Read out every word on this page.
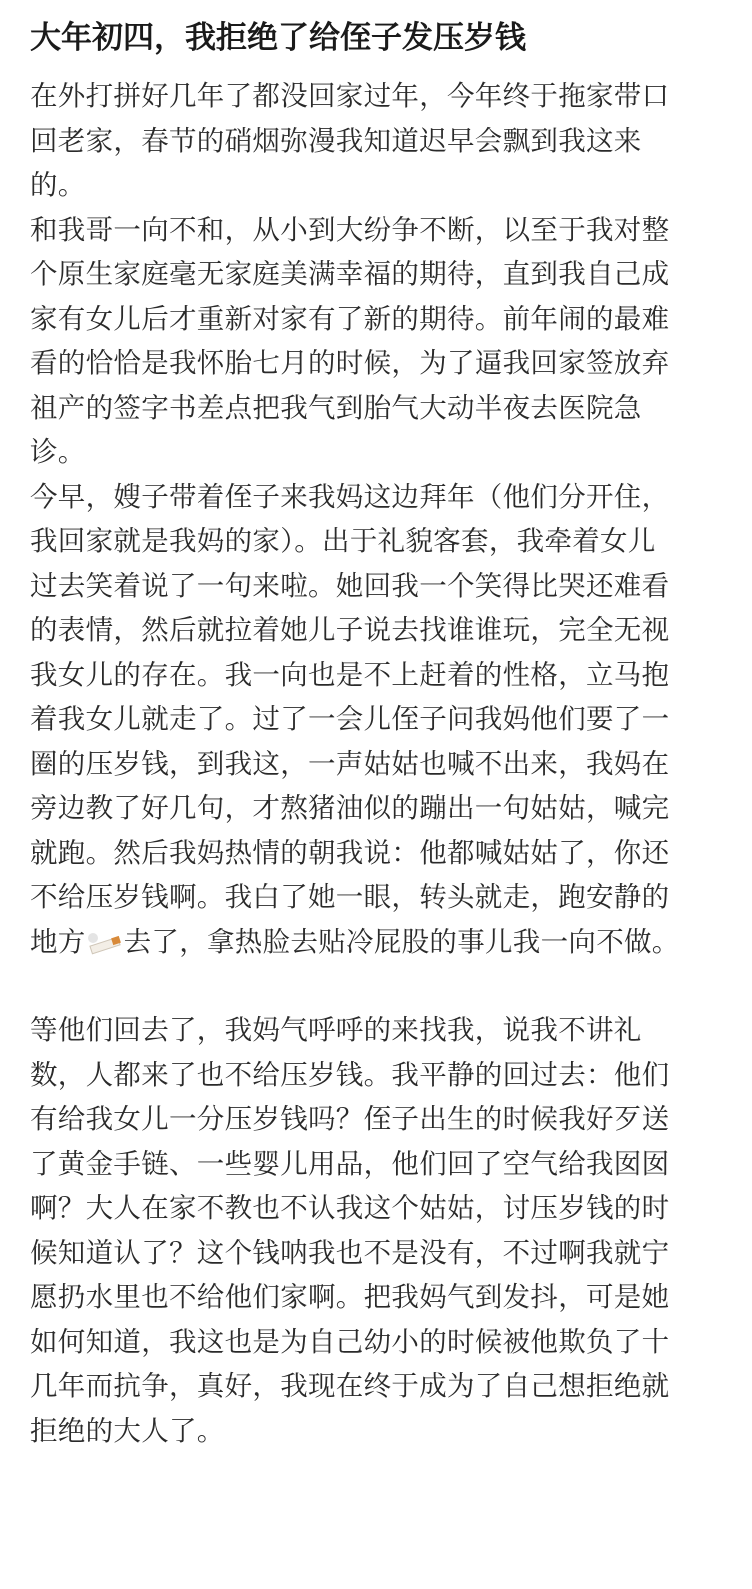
大年初四，我拒绝了给侄子发压岁钱
在外打拼好几年了都没回家过年，今年终于拖家带口
回老家，春节的硝烟弥漫我知道迟早会飘到我这来
的。
和我哥一向不和，从小到大纷争不断，以至于我对整
个原生家庭毫无家庭美满幸福的期待，直到我自己成
家有女儿后才重新对家有了新的期待。前年闹的最难
看的恰恰是我怀胎七月的时候，为了逼我回家签放弃
祖产的签字书差点把我气到胎气大动半夜去医院急
诊。
今早，嫂子带着侄子来我妈这边拜年（他们分开住，
我回家就是我妈的家）。出于礼貌客套，我牵着女儿
过去笑着说了一句来啦。她回我一个笑得比哭还难看
的表情，然后就拉着她儿子说去找谁谁玩，完全无视
我女儿的存在。我一向也是不上赶着的性格，立马抱
着我女儿就走了。过了一会儿侄子问我妈他们要了一
圈的压岁钱，到我这，一声姑姑也喊不出来，我妈在
旁边教了好几句，才熬猪油似的蹦出一句姑姑，喊完
就跑。然后我妈热情的朝我说：他都喊姑姑了，你还
不给压岁钱啊。我白了她一眼，转头就走，跑安静的
地方 去了，拿热脸去贴冷屁股的事儿我一向不做。
等他们回去了，我妈气呼呼的来找我，说我不讲礼
数，人都来了也不给压岁钱。我平静的回过去：他们
有给我女儿一分压岁钱吗？侄子出生的时候我好歹送
了黄金手链、一些婴儿用品，他们回了空气给我囡囡
啊？大人在家不教也不认我这个姑姑，讨压岁钱的时
候知道认了？这个钱呐我也不是没有，不过啊我就宁
愿扔水里也不给他们家啊。把我妈气到发抖，可是她
如何知道，我这也是为自己幼小的时候被他欺负了十
几年而抗争，真好，我现在终于成为了自己想拒绝就
拒绝的大人了。
